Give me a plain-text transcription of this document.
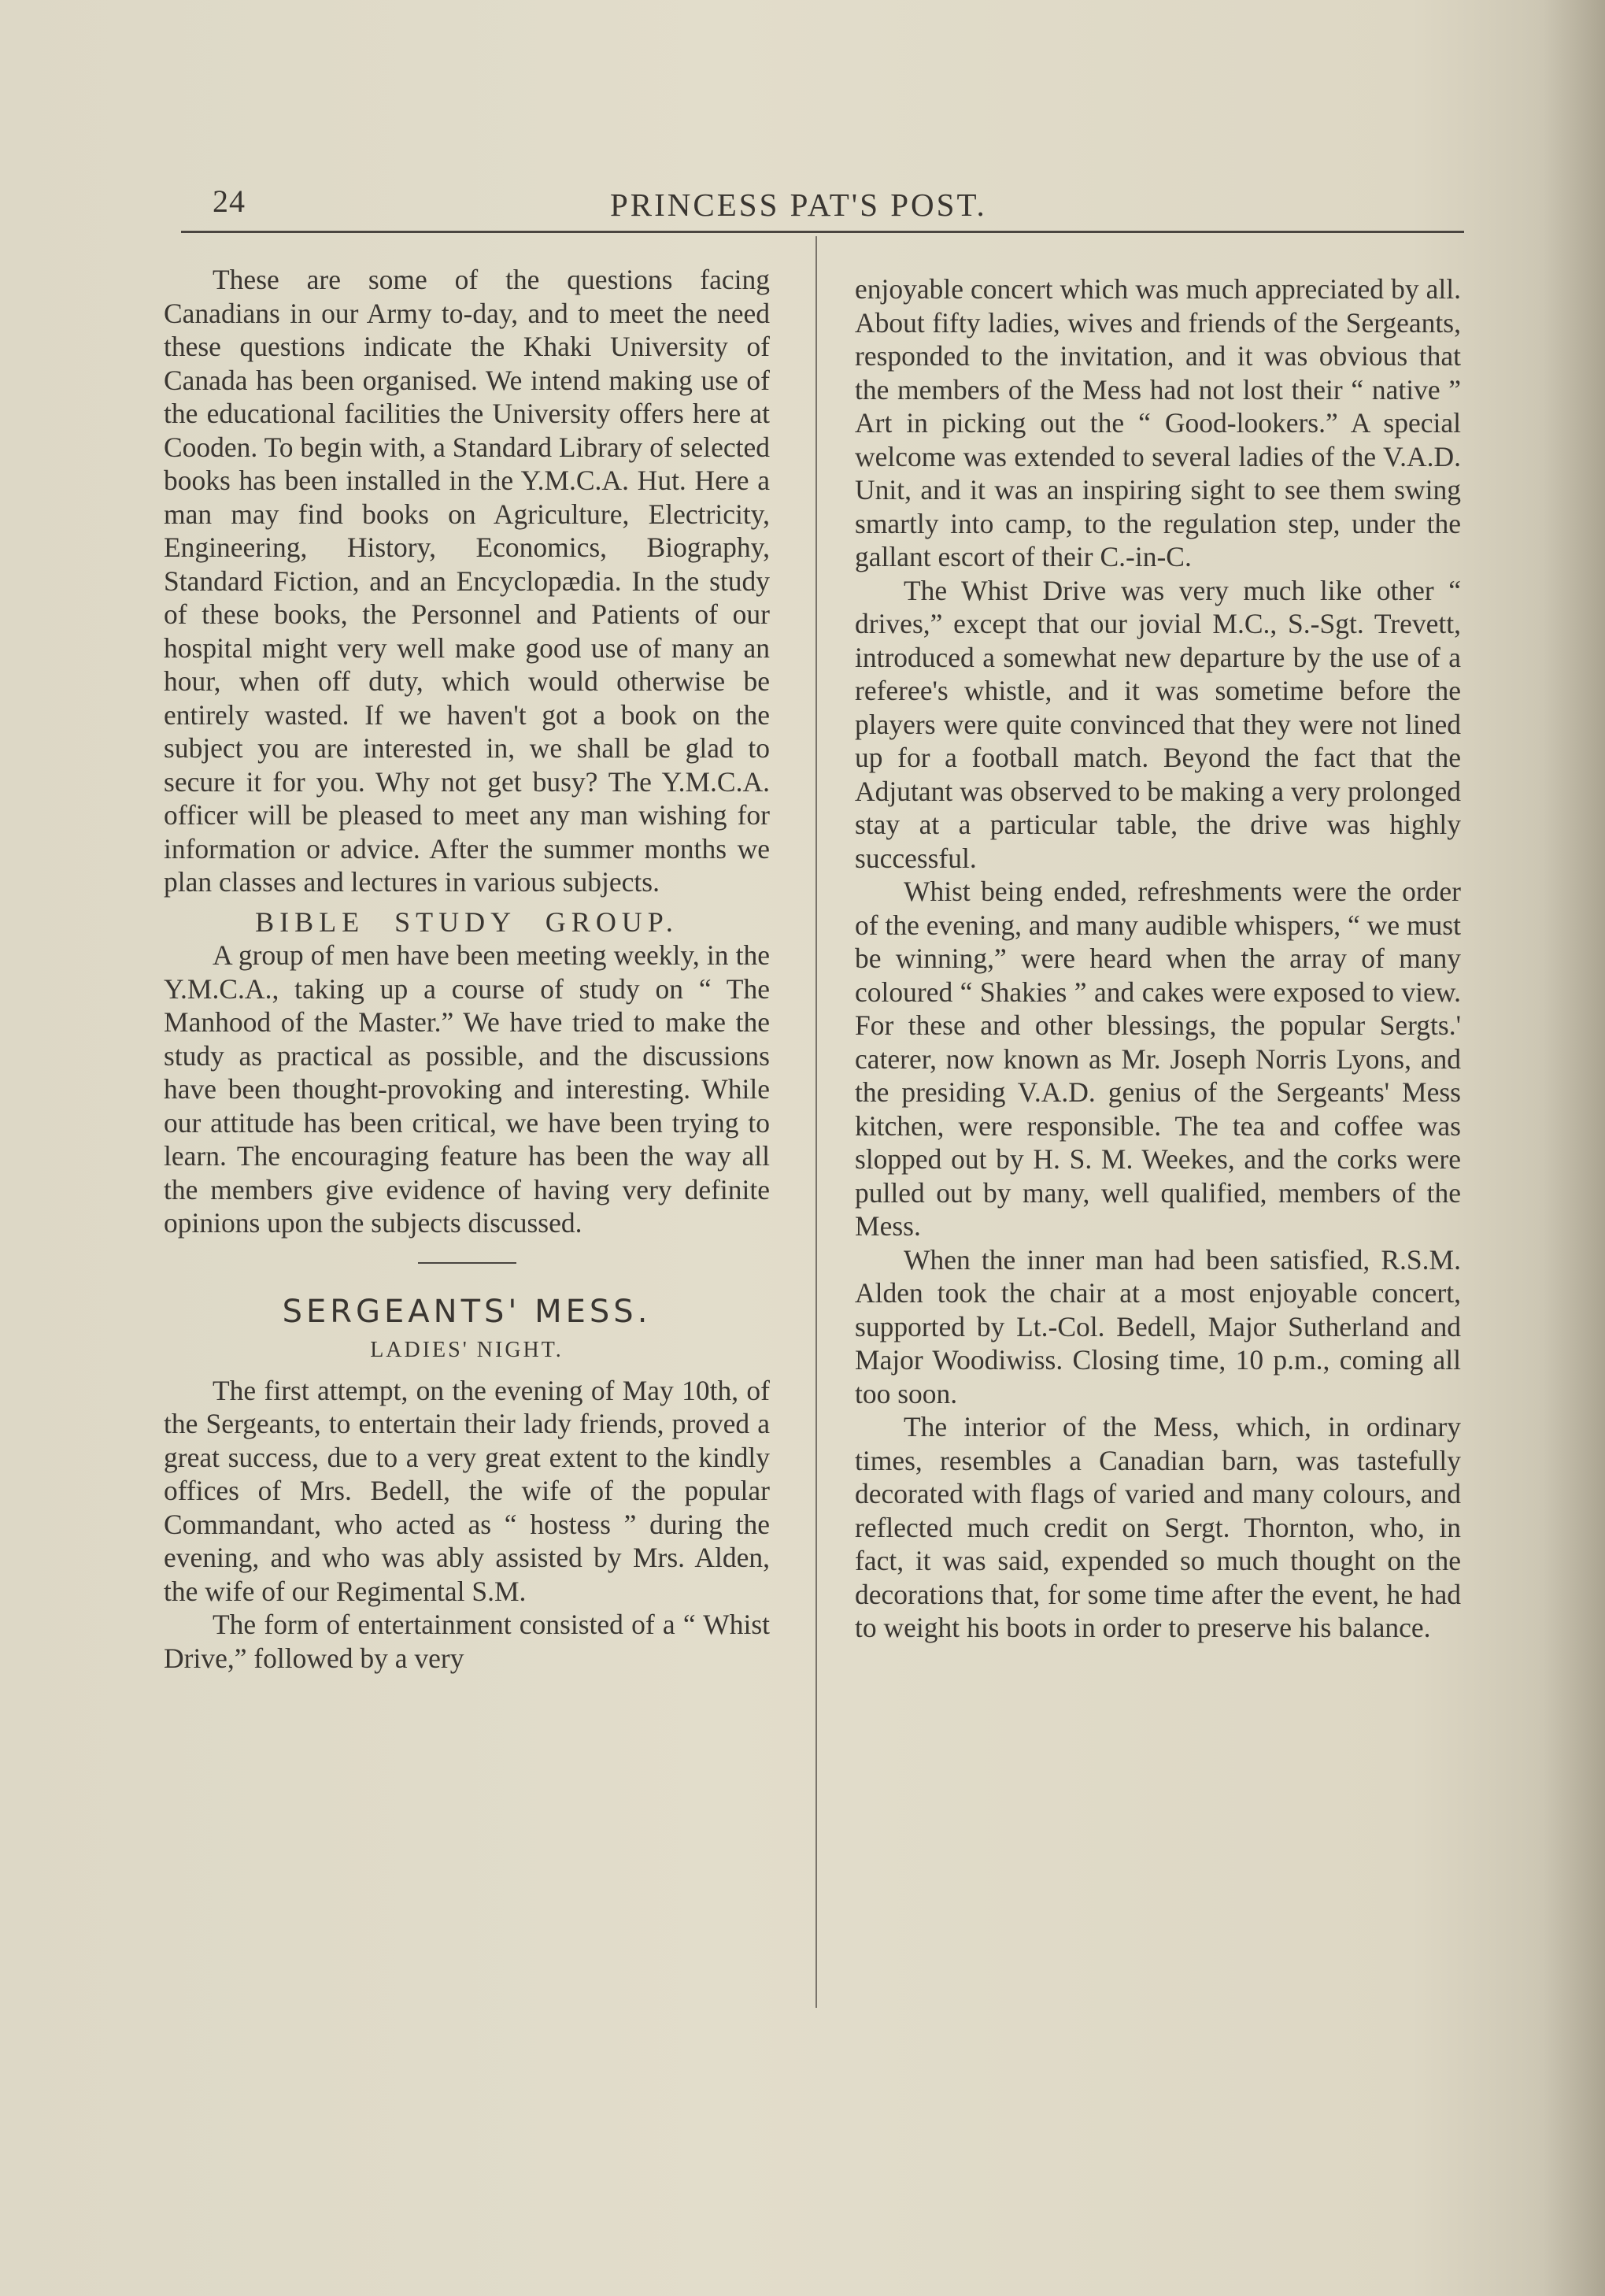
24	PRINCESS PAT'S POST.

These are some of the questions facing Canadians in our Army to-day, and to meet the need these questions indicate the Khaki University of Canada has been organised. We intend making use of the educational facilities the University offers here at Cooden. To begin with, a Standard Library of selected books has been installed in the Y.M.C.A. Hut. Here a man may find books on Agriculture, Electricity, Engineering, History, Economics, Biography, Standard Fiction, and an Encyclopædia. In the study of these books, the Personnel and Patients of our hospital might very well make good use of many an hour, when off duty, which would otherwise be entirely wasted. If we haven't got a book on the subject you are interested in, we shall be glad to secure it for you. Why not get busy? The Y.M.C.A. officer will be pleased to meet any man wishing for information or advice. After the summer months we plan classes and lectures in various subjects.

BIBLE STUDY GROUP.

A group of men have been meeting weekly, in the Y.M.C.A., taking up a course of study on “ The Manhood of the Master.” We have tried to make the study as practical as possible, and the discussions have been thought-provoking and interesting. While our attitude has been critical, we have been trying to learn. The encouraging feature has been the way all the members give evidence of having very definite opinions upon the subjects discussed.

SERGEANTS' MESS.
LADIES' NIGHT.

The first attempt, on the evening of May 10th, of the Sergeants, to entertain their lady friends, proved a great success, due to a very great extent to the kindly offices of Mrs. Bedell, the wife of the popular Commandant, who acted as “ hostess ” during the evening, and who was ably assisted by Mrs. Alden, the wife of our Regimental S.M.

The form of entertainment consisted of a “ Whist Drive,” followed by a very

enjoyable concert which was much appreciated by all. About fifty ladies, wives and friends of the Sergeants, responded to the invitation, and it was obvious that the members of the Mess had not lost their “ native ” Art in picking out the “ Good-lookers.” A special welcome was extended to several ladies of the V.A.D. Unit, and it was an inspiring sight to see them swing smartly into camp, to the regulation step, under the gallant escort of their C.-in-C.

The Whist Drive was very much like other “ drives,” except that our jovial M.C., S.-Sgt. Trevett, introduced a somewhat new departure by the use of a referee's whistle, and it was sometime before the players were quite convinced that they were not lined up for a football match. Beyond the fact that the Adjutant was observed to be making a very prolonged stay at a particular table, the drive was highly successful.

Whist being ended, refreshments were the order of the evening, and many audible whispers, “ we must be winning,” were heard when the array of many coloured “ Shakies ” and cakes were exposed to view. For these and other blessings, the popular Sergts.' caterer, now known as Mr. Joseph Norris Lyons, and the presiding V.A.D. genius of the Sergeants' Mess kitchen, were responsible. The tea and coffee was slopped out by H. S. M. Weekes, and the corks were pulled out by many, well qualified, members of the Mess.

When the inner man had been satisfied, R.S.M. Alden took the chair at a most enjoyable concert, supported by Lt.-Col. Bedell, Major Sutherland and Major Woodiwiss. Closing time, 10 p.m., coming all too soon.

The interior of the Mess, which, in ordinary times, resembles a Canadian barn, was tastefully decorated with flags of varied and many colours, and reflected much credit on Sergt. Thornton, who, in fact, it was said, expended so much thought on the decorations that, for some time after the event, he had to weight his boots in order to preserve his balance.
